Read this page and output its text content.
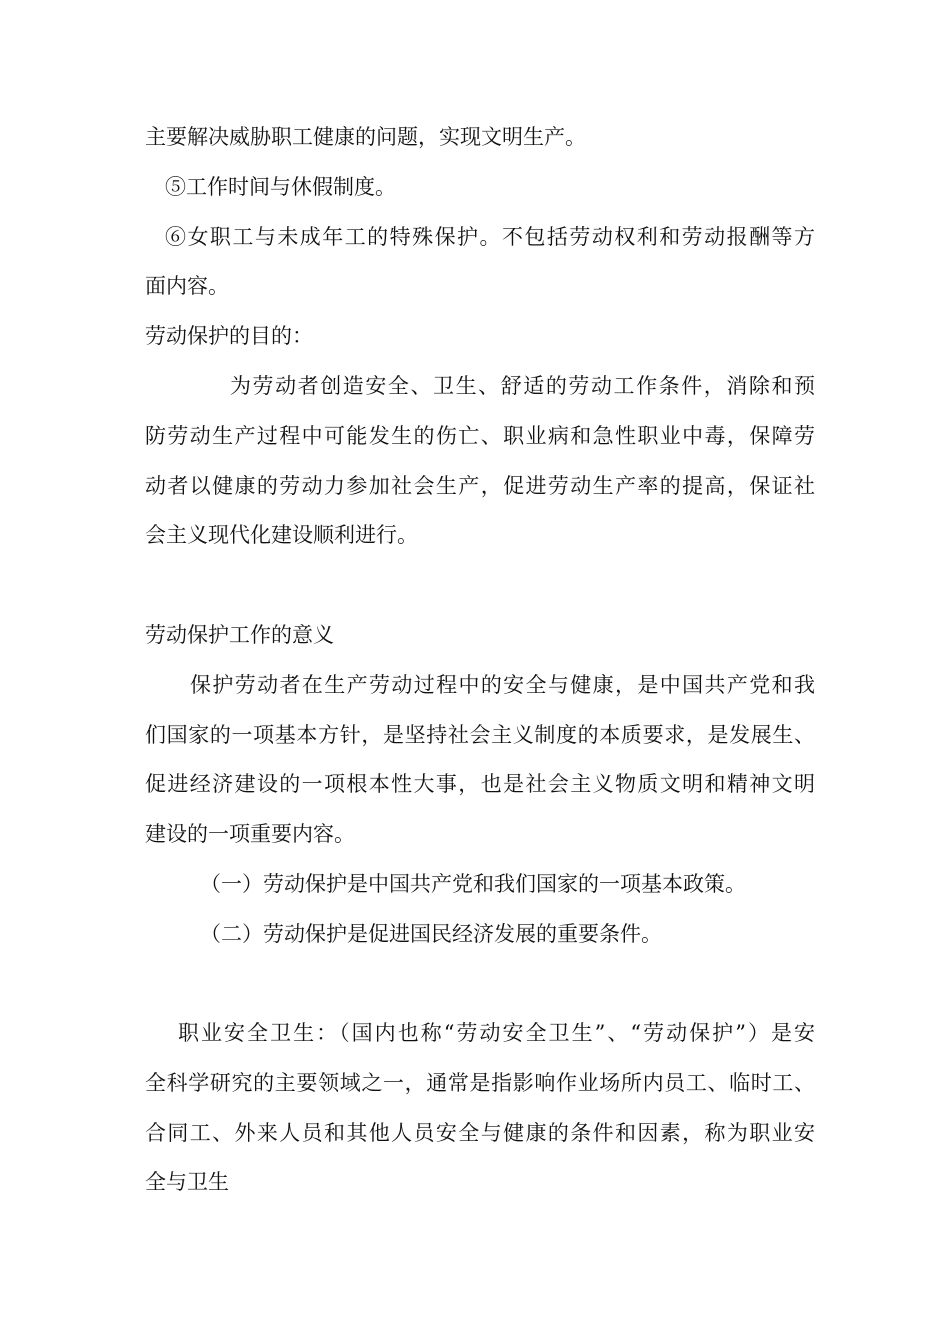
主要解决威胁职工健康的问题，实现文明生产。
⑤工作时间与休假制度。
⑥女职工与未成年工的特殊保护。不包括劳动权利和劳动报酬等方
面内容。
劳动保护的目的：
为劳动者创造安全、卫生、舒适的劳动工作条件，消除和预
防劳动生产过程中可能发生的伤亡、职业病和急性职业中毒，保障劳
动者以健康的劳动力参加社会生产，促进劳动生产率的提高，保证社
会主义现代化建设顺利进行。
劳动保护工作的意义
保护劳动者在生产劳动过程中的安全与健康，是中国共产党和我
们国家的一项基本方针，是坚持社会主义制度的本质要求，是发展生、
促进经济建设的一项根本性大事，也是社会主义物质文明和精神文明
建设的一项重要内容。
（一）劳动保护是中国共产党和我们国家的一项基本政策。
（二）劳动保护是促进国民经济发展的重要条件。
职业安全卫生：（国内也称“劳动安全卫生”、“劳动保护”）是安
全科学研究的主要领域之一，通常是指影响作业场所内员工、临时工、
合同工、外来人员和其他人员安全与健康的条件和因素，称为职业安
全与卫生
